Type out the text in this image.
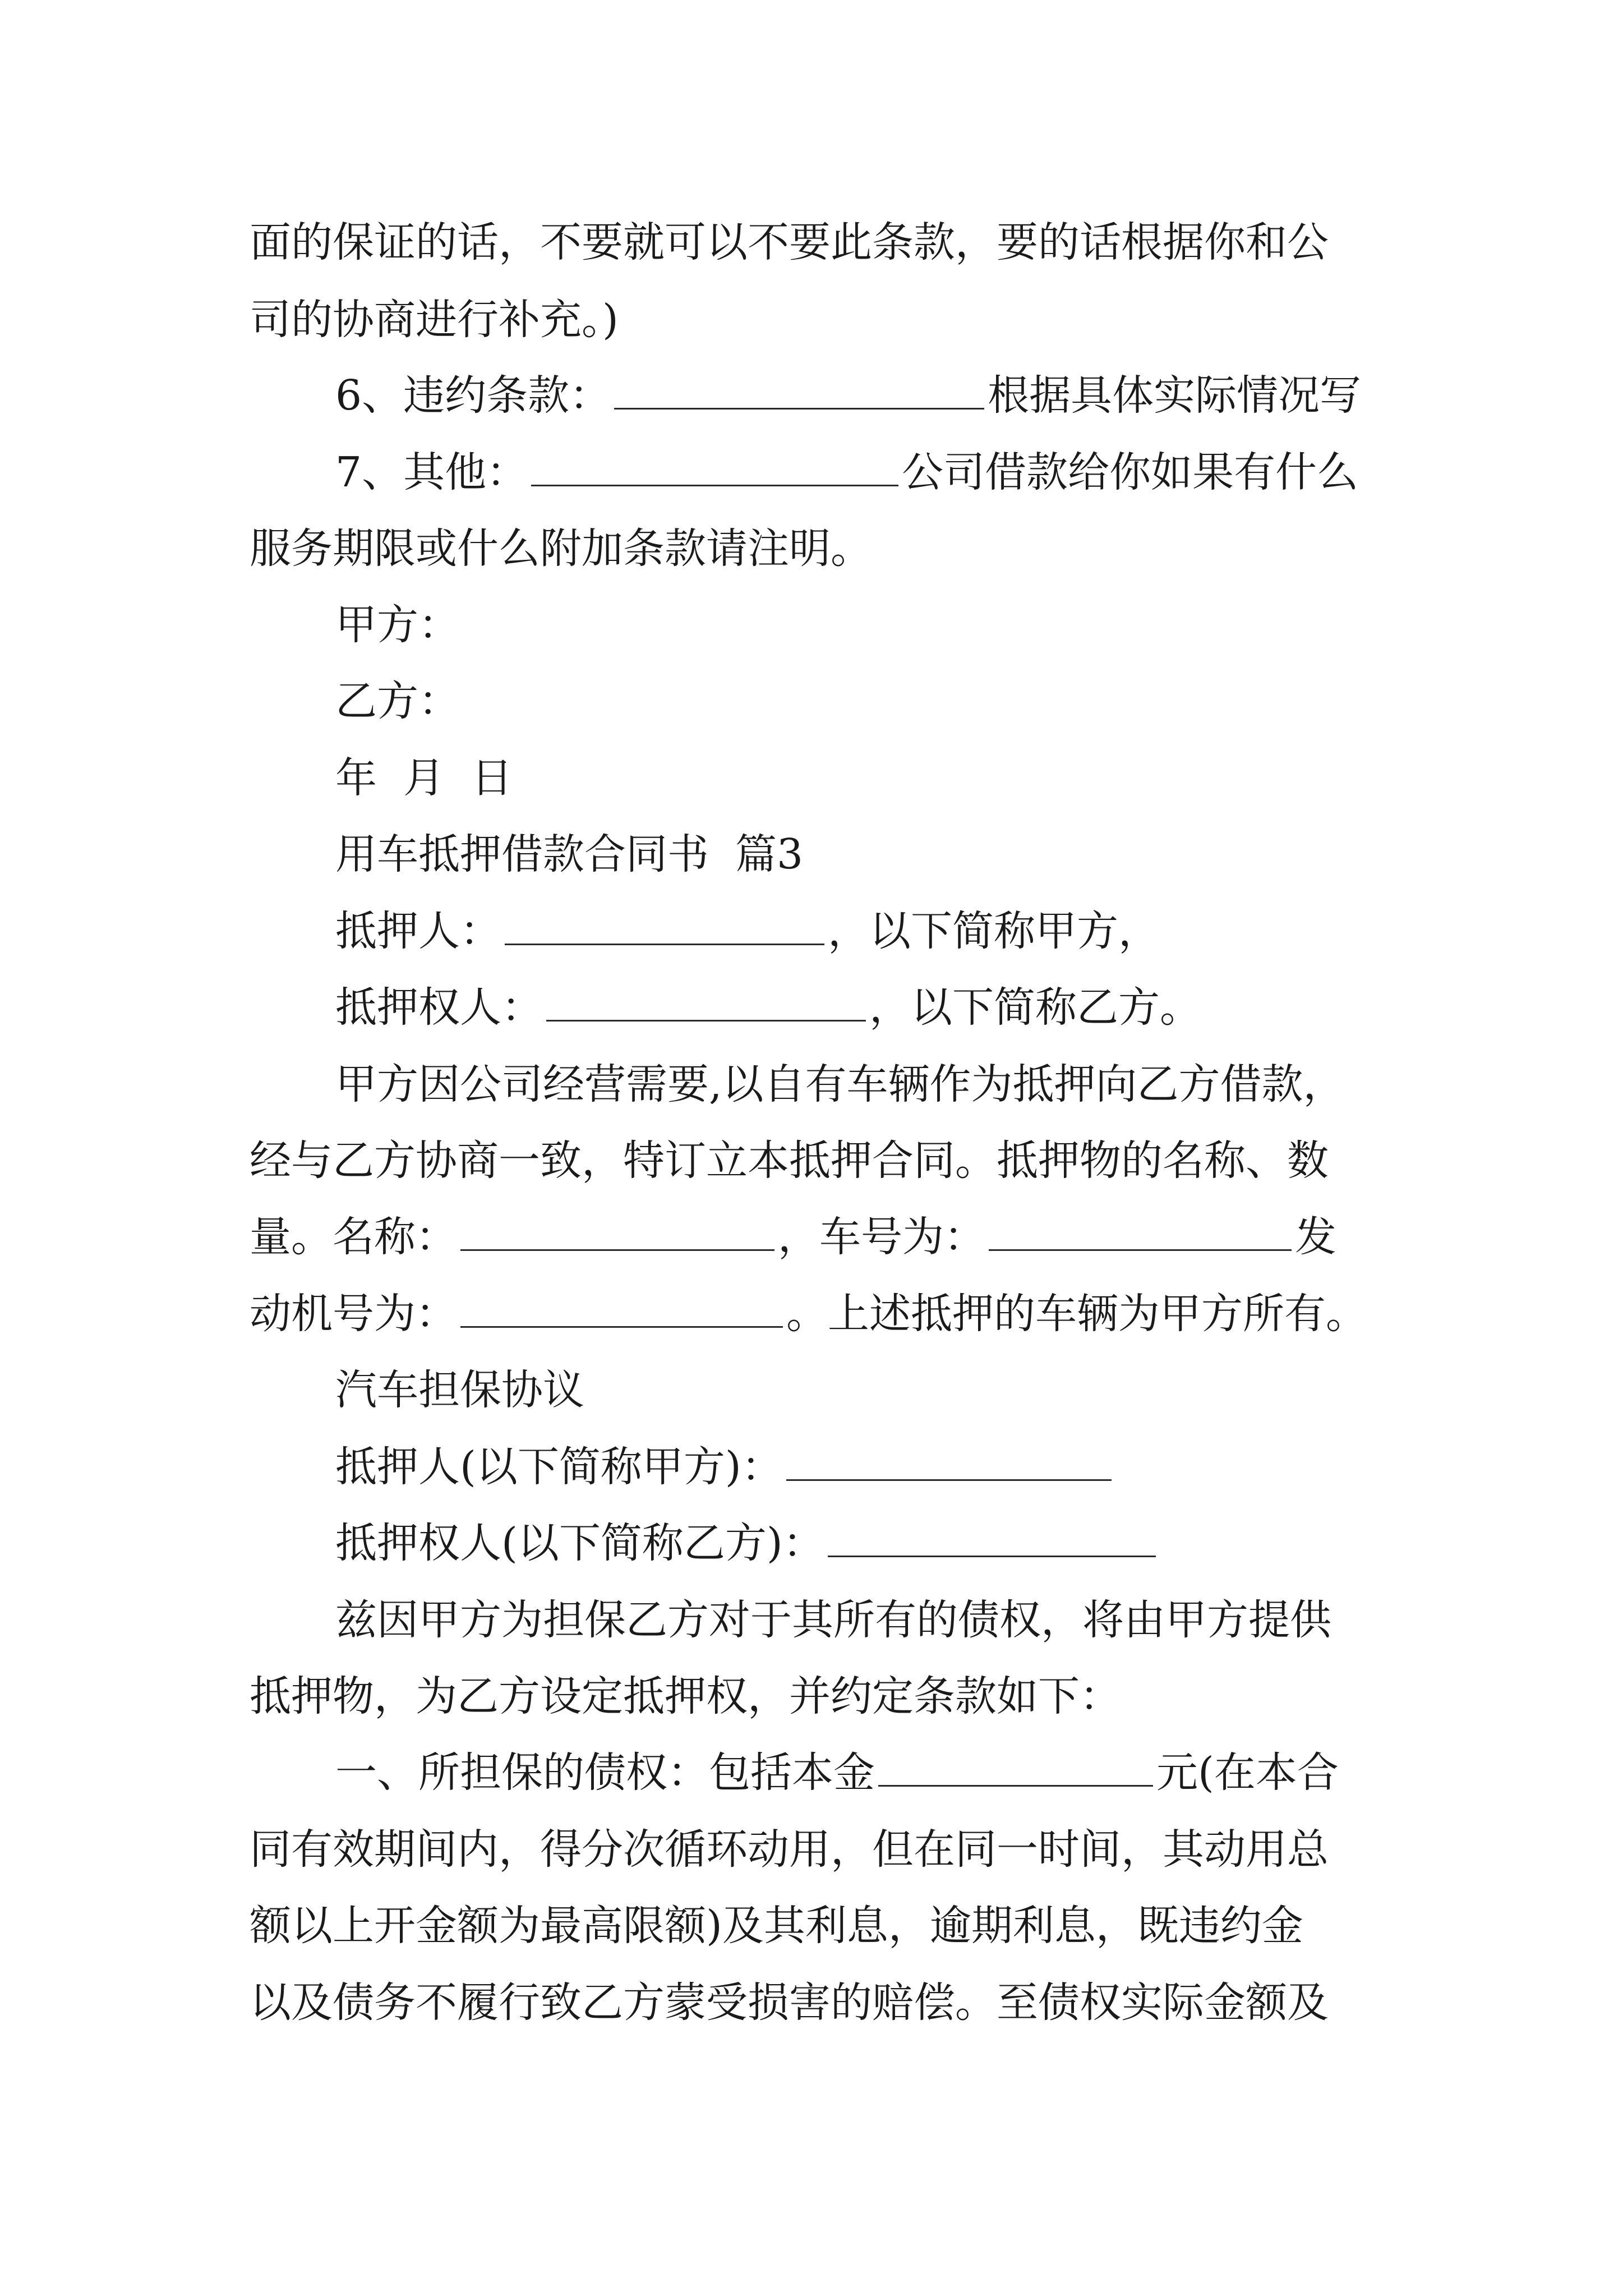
面的保证的话，不要就可以不要此条款，要的话根据你和公
司的协商进行补充。)
6、违约条款：	根据具体实际情况写
7、其他：	公司借款给你如果有什么
服务期限或什么附加条款请注明。
甲方：
乙方：
年  月  日
用车抵押借款合同书  篇3
抵押人：	，以下简称甲方，
抵押权人：	，以下简称乙方。
甲方因公司经营需要,以自有车辆作为抵押向乙方借款，
经与乙方协商一致，特订立本抵押合同。抵押物的名称、数
量。名称：	，车号为：	发
动机号为：	。上述抵押的车辆为甲方所有。
汽车担保协议
抵押人(以下简称甲方)：
抵押权人(以下简称乙方)：
兹因甲方为担保乙方对于其所有的债权，将由甲方提供
抵押物，为乙方设定抵押权，并约定条款如下：
一、所担保的债权：包括本金	元(在本合
同有效期间内，得分次循环动用，但在同一时间，其动用总
额以上开金额为最高限额)及其利息，逾期利息，既违约金
以及债务不履行致乙方蒙受损害的赔偿。至债权实际金额及
